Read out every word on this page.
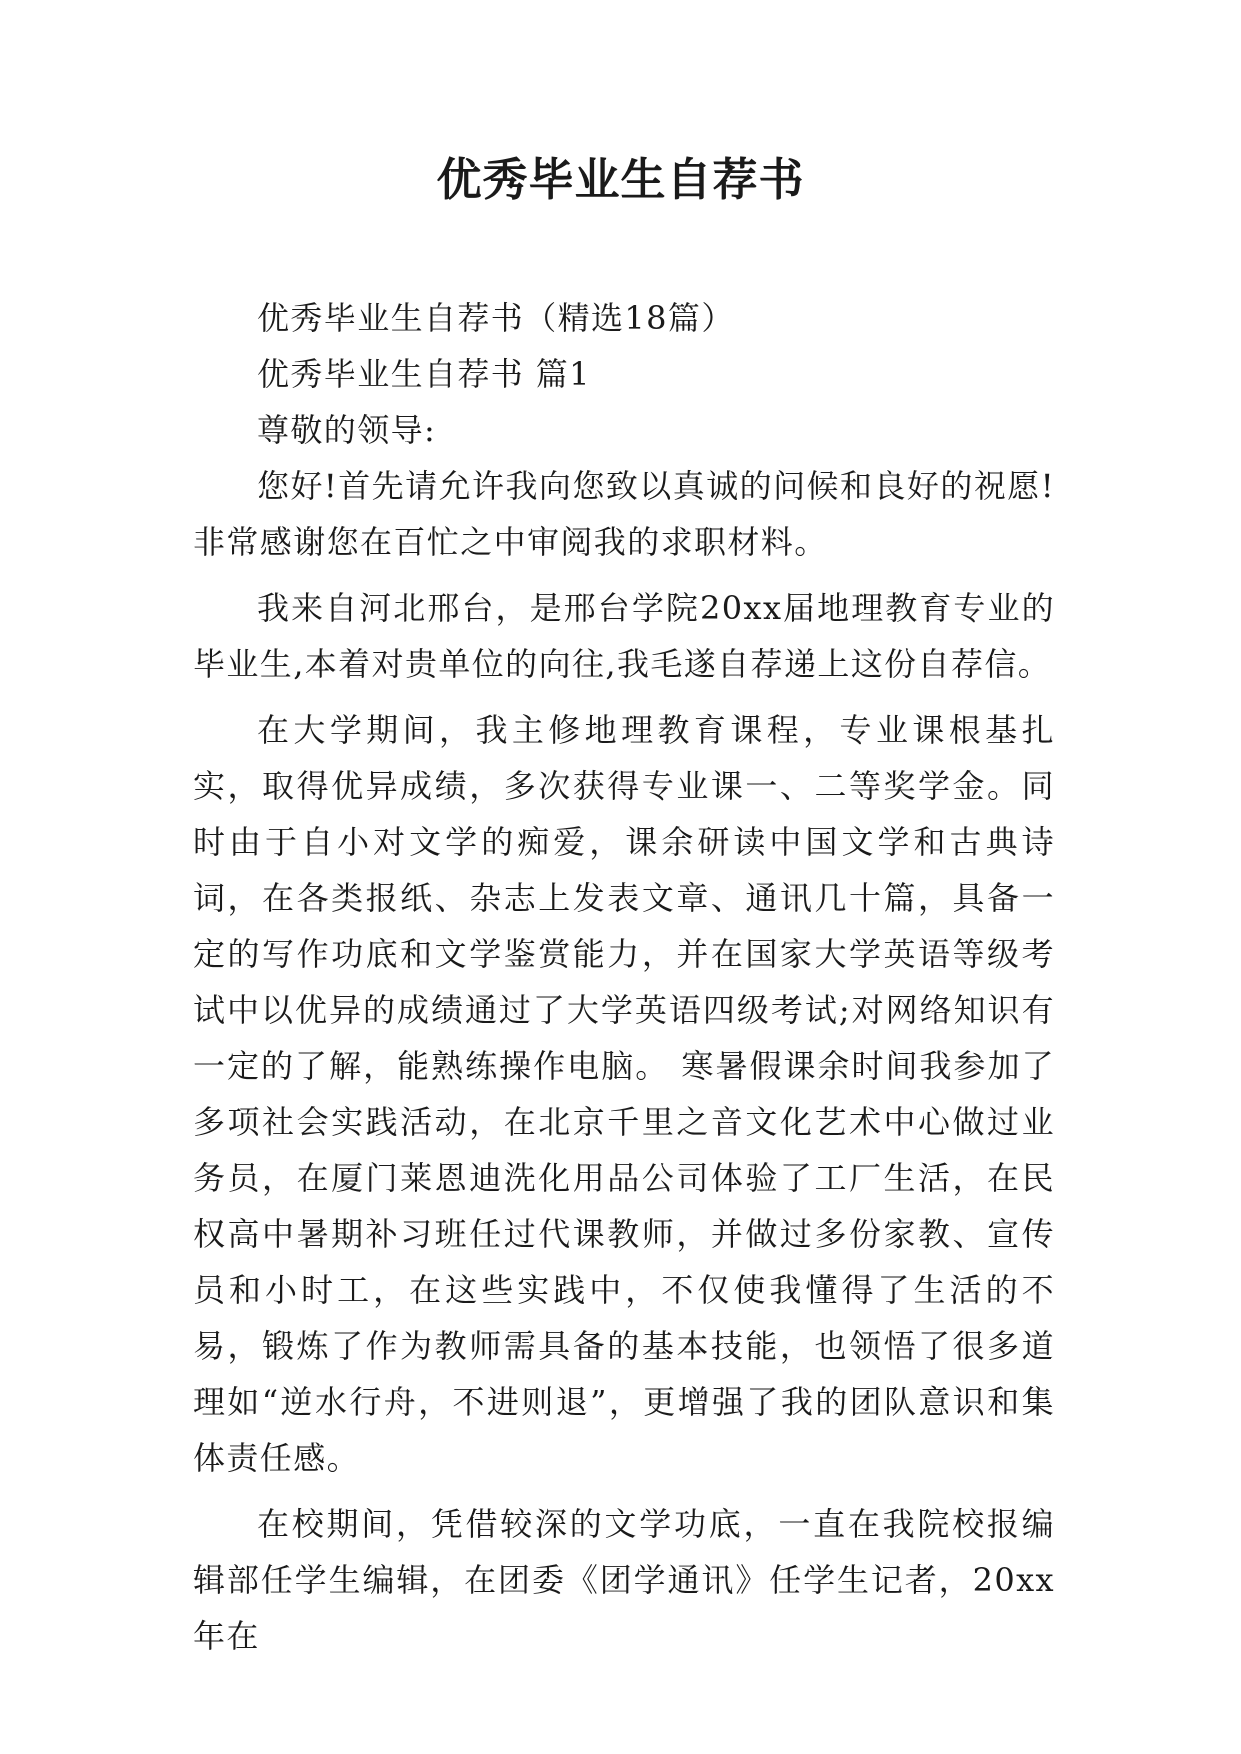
优秀毕业生自荐书

优秀毕业生自荐书（精选18篇）

优秀毕业生自荐书 篇1

尊敬的领导:

您好!首先请允许我向您致以真诚的问候和良好的祝愿!非常感谢您在百忙之中审阅我的求职材料。

我来自河北邢台，是邢台学院20xx届地理教育专业的毕业生,本着对贵单位的向往,我毛遂自荐递上这份自荐信。

在大学期间，我主修地理教育课程，专业课根基扎实，取得优异成绩，多次获得专业课一、二等奖学金。同时由于自小对文学的痴爱，课余研读中国文学和古典诗词，在各类报纸、杂志上发表文章、通讯几十篇，具备一定的写作功底和文学鉴赏能力，并在国家大学英语等级考试中以优异的成绩通过了大学英语四级考试;对网络知识有一定的了解，能熟练操作电脑。 寒暑假课余时间我参加了多项社会实践活动，在北京千里之音文化艺术中心做过业务员，在厦门莱恩迪洗化用品公司体验了工厂生活，在民权高中暑期补习班任过代课教师，并做过多份家教、宣传员和小时工，在这些实践中，不仅使我懂得了生活的不易，锻炼了作为教师需具备的基本技能，也领悟了很多道理如“逆水行舟，不进则退”，更增强了我的团队意识和集体责任感。

在校期间，凭借较深的文学功底，一直在我院校报编辑部任学生编辑，在团委《团学通讯》任学生记者，20xx年在
